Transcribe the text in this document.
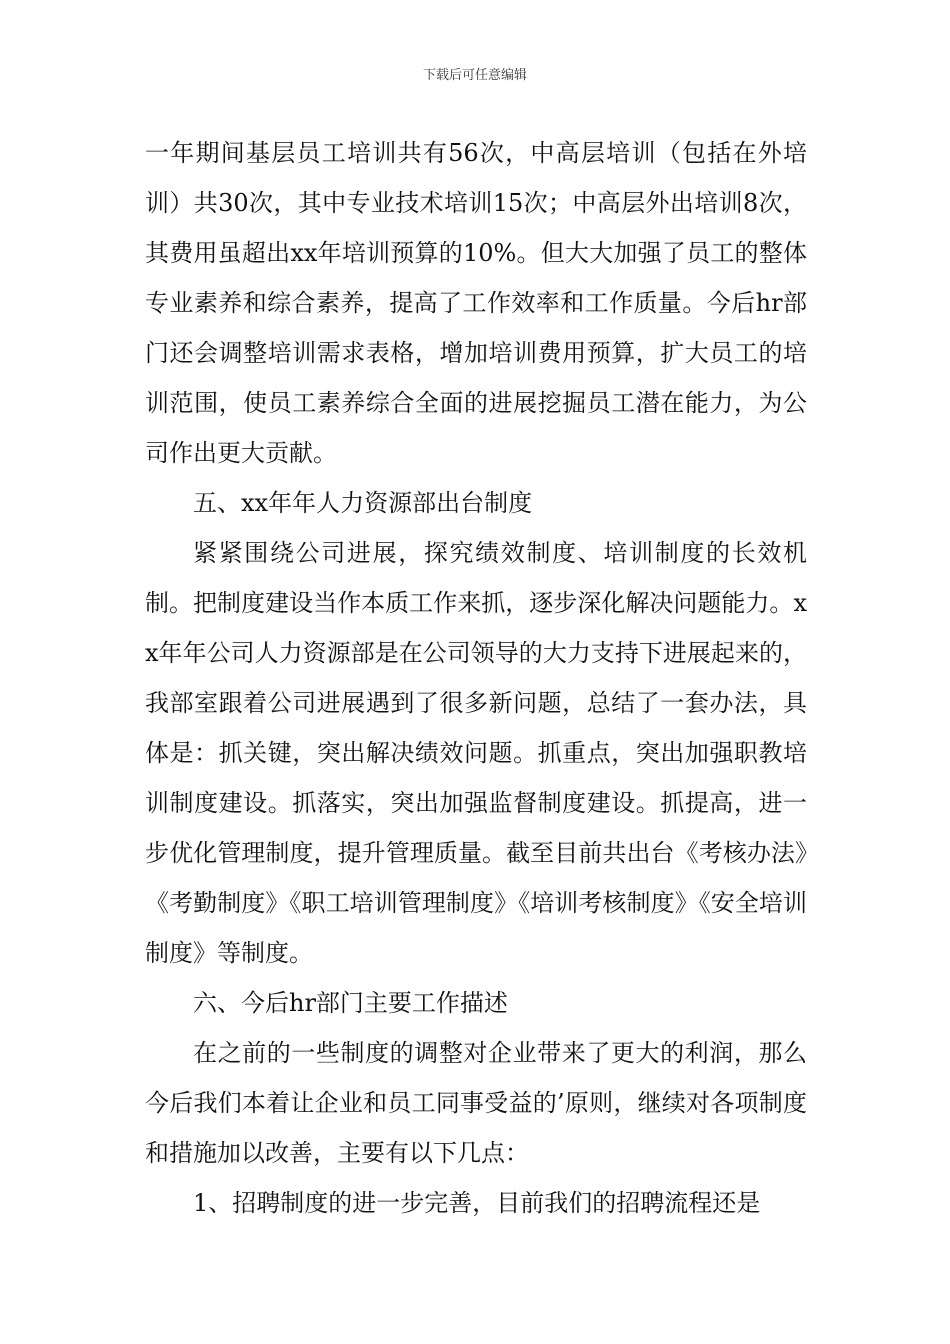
下载后可任意编辑

一年期间基层员工培训共有56次，中高层培训（包括在外培训）共30次，其中专业技术培训15次；中高层外出培训8次，其费用虽超出xx年培训预算的10%。但大大加强了员工的整体专业素养和综合素养，提高了工作效率和工作质量。今后hr部门还会调整培训需求表格，增加培训费用预算，扩大员工的培训范围，使员工素养综合全面的进展挖掘员工潜在能力，为公司作出更大贡献。

五、xx年年人力资源部出台制度

紧紧围绕公司进展，探究绩效制度、培训制度的长效机制。把制度建设当作本质工作来抓，逐步深化解决问题能力。xx年年公司人力资源部是在公司领导的大力支持下进展起来的，我部室跟着公司进展遇到了很多新问题，总结了一套办法，具体是：抓关键，突出解决绩效问题。抓重点，突出加强职教培训制度建设。抓落实，突出加强监督制度建设。抓提高，进一步优化管理制度，提升管理质量。截至目前共出台《考核办法》《考勤制度》《职工培训管理制度》《培训考核制度》《安全培训制度》等制度。

六、今后hr部门主要工作描述

在之前的一些制度的调整对企业带来了更大的利润，那么今后我们本着让企业和员工同事受益的’原则，继续对各项制度和措施加以改善，主要有以下几点：

1、招聘制度的进一步完善，目前我们的招聘流程还是
